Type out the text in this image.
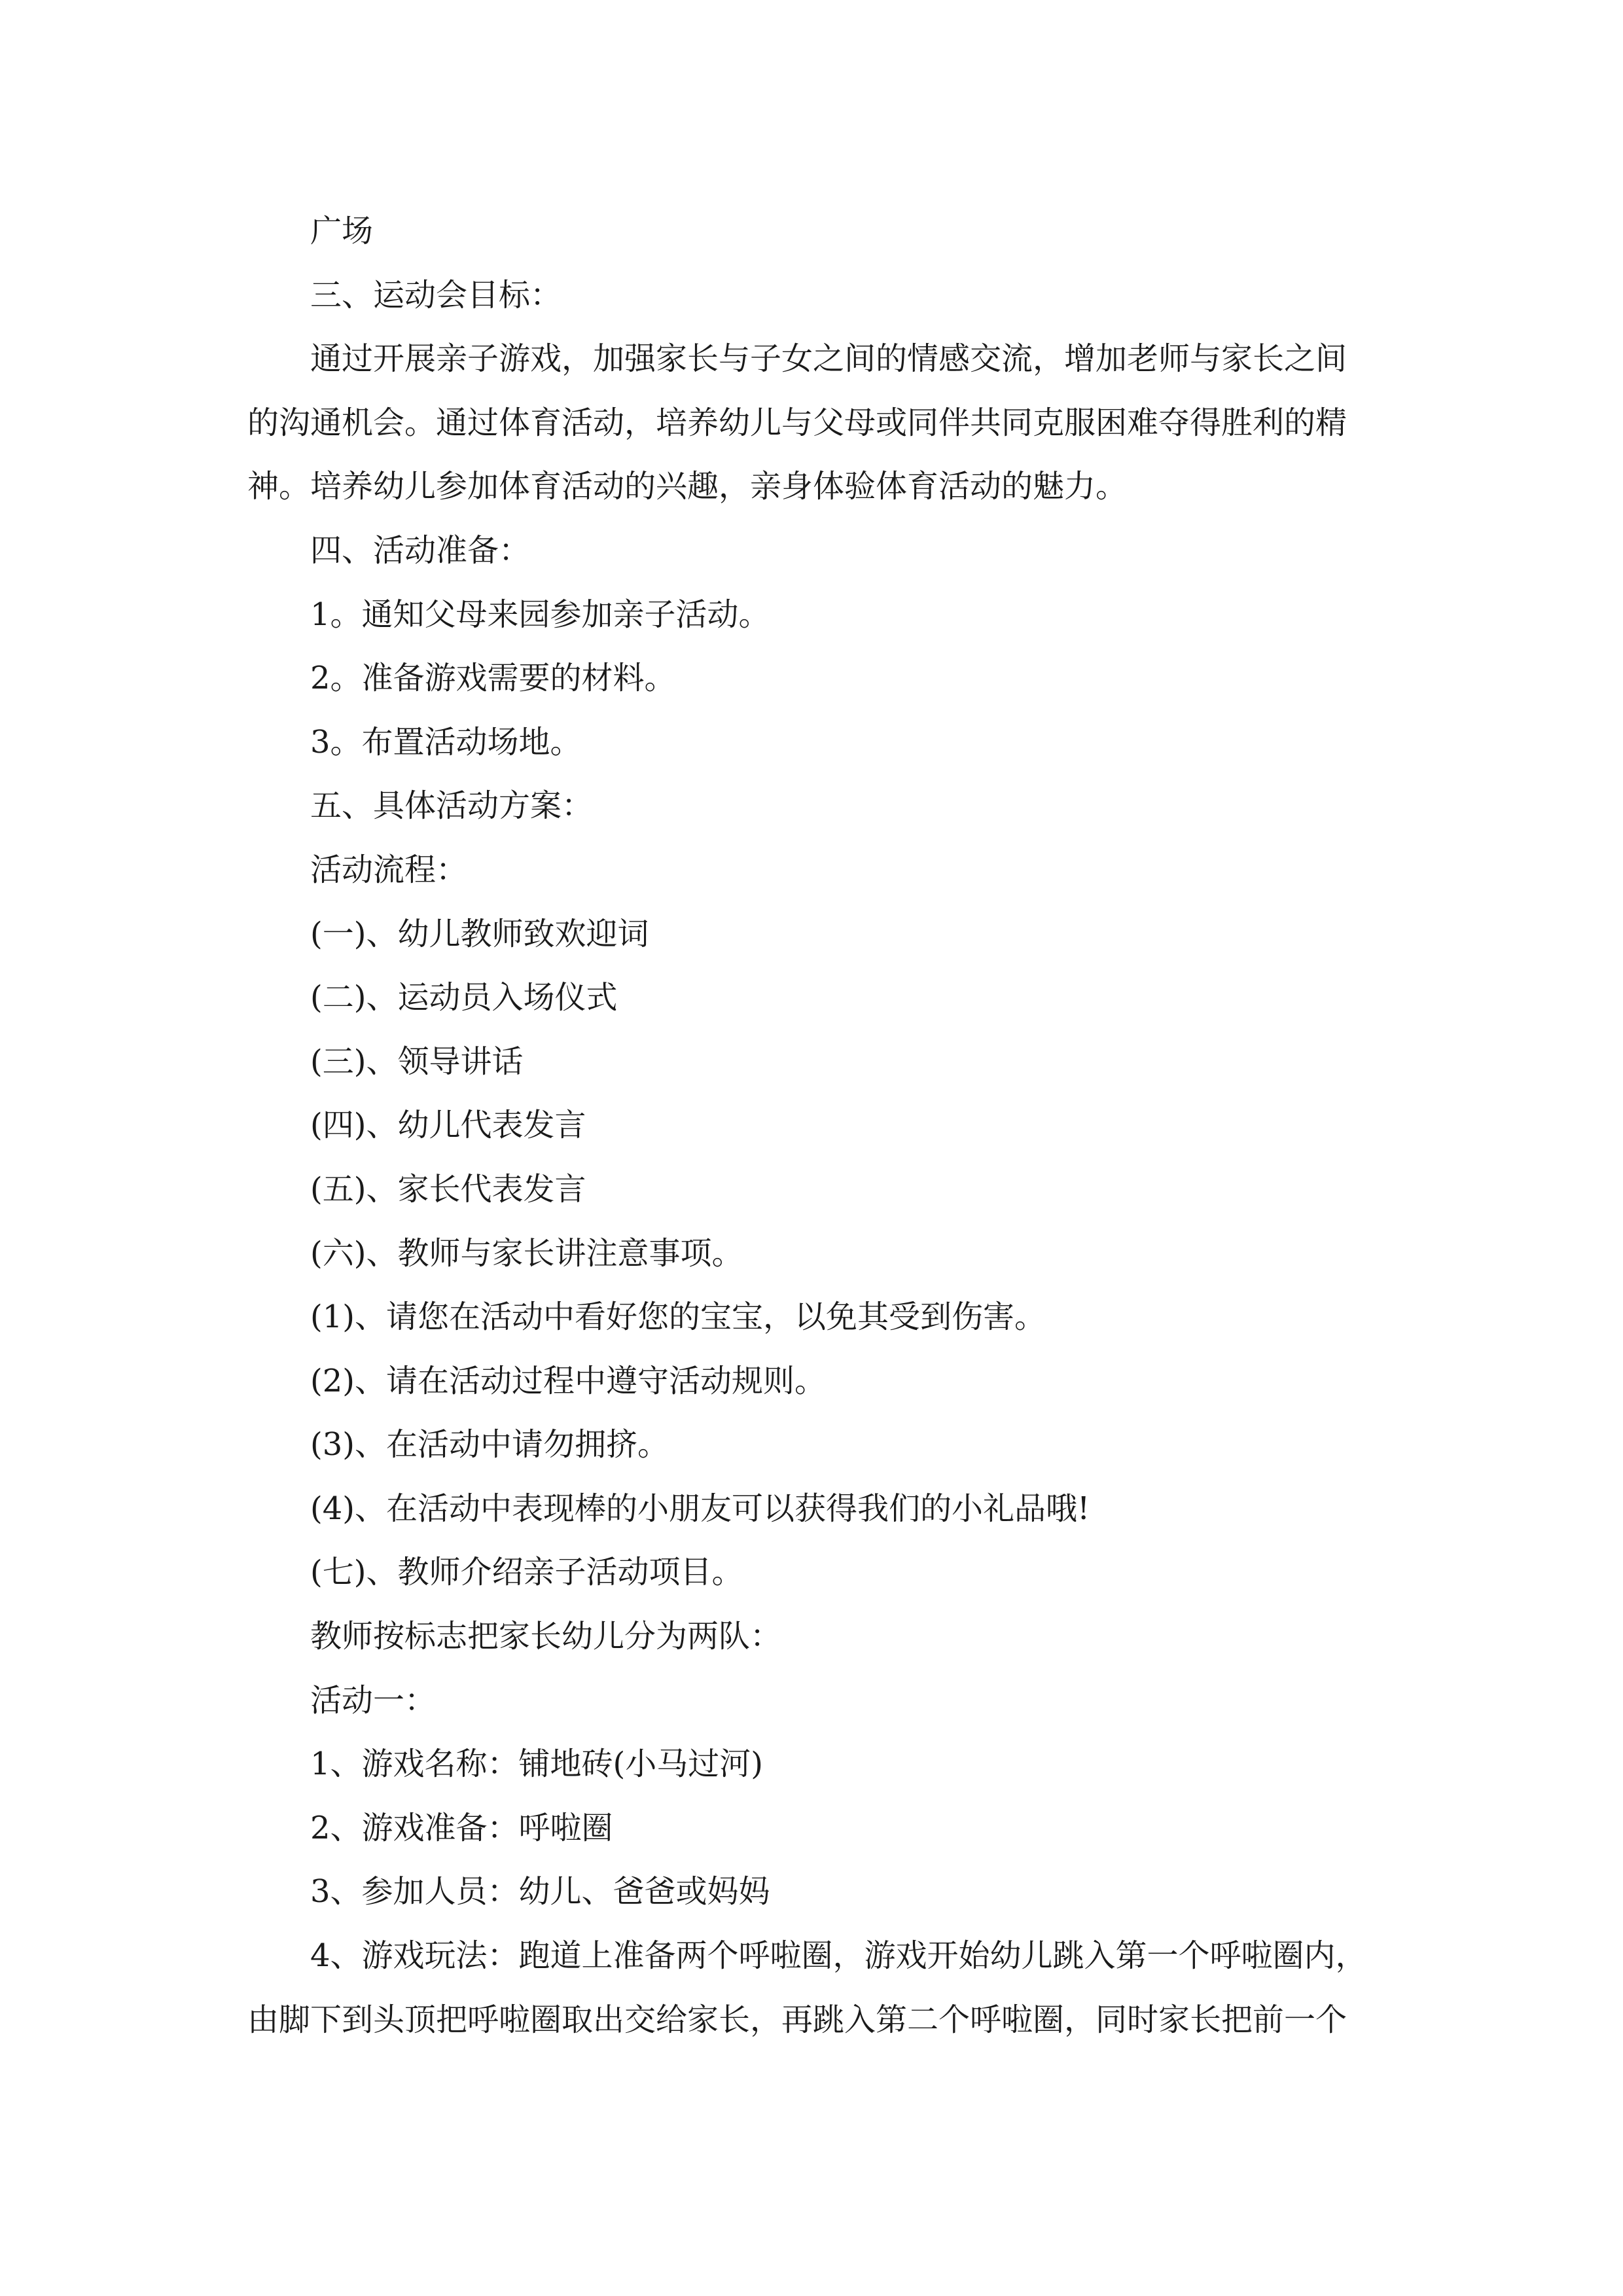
广场
三、运动会目标：
通过开展亲子游戏，加强家长与子女之间的情感交流，增加老师与家长之间
的沟通机会。通过体育活动，培养幼儿与父母或同伴共同克服困难夺得胜利的精
神。培养幼儿参加体育活动的兴趣，亲身体验体育活动的魅力。
四、活动准备：
1。通知父母来园参加亲子活动。
2。准备游戏需要的材料。
3。布置活动场地。
五、具体活动方案：
活动流程：
(一)、幼儿教师致欢迎词
(二)、运动员入场仪式
(三)、领导讲话
(四)、幼儿代表发言
(五)、家长代表发言
(六)、教师与家长讲注意事项。
(1)、请您在活动中看好您的宝宝，以免其受到伤害。
(2)、请在活动过程中遵守活动规则。
(3)、在活动中请勿拥挤。
(4)、在活动中表现棒的小朋友可以获得我们的小礼品哦!
(七)、教师介绍亲子活动项目。
教师按标志把家长幼儿分为两队：
活动一：
1、游戏名称：铺地砖(小马过河)
2、游戏准备：呼啦圈
3、参加人员：幼儿、爸爸或妈妈
4、游戏玩法：跑道上准备两个呼啦圈，游戏开始幼儿跳入第一个呼啦圈内，
由脚下到头顶把呼啦圈取出交给家长，再跳入第二个呼啦圈，同时家长把前一个
